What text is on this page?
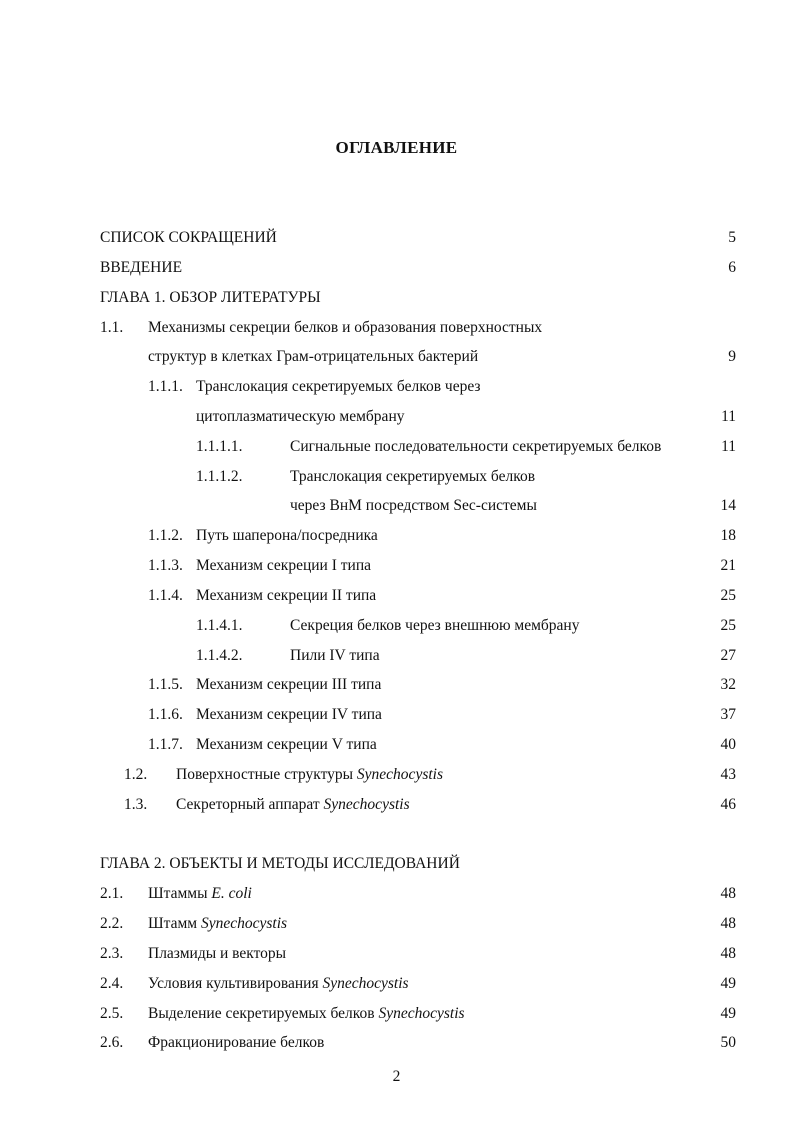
ОГЛАВЛЕНИЕ
СПИСОК СОКРАЩЕНИЙ	5
ВВЕДЕНИЕ	6
ГЛАВА 1. ОБЗОР ЛИТЕРАТУРЫ
1.1. Механизмы секреции белков и образования поверхностных
структур в клетках Грам-отрицательных бактерий	9
1.1.1. Транслокация секретируемых белков через
цитоплазматическую мембрану	11
1.1.1.1.	Сигнальные последовательности секретируемых белков	11
1.1.1.2.	Транслокация секретируемых белков
через ВнМ посредством Sec-системы	14
1.1.2. Путь шаперона/посредника	18
1.1.3. Механизм секреции I типа	21
1.1.4. Механизм секреции II типа	25
1.1.4.1.	Секреция белков через внешнюю мембрану	25
1.1.4.2.	Пили IV типа	27
1.1.5. Механизм секреции III типа	32
1.1.6. Механизм секреции IV типа	37
1.1.7. Механизм секреции V типа	40
1.2. Поверхностные структуры Synechocystis	43
1.3. Секреторный аппарат Synechocystis	46
ГЛАВА 2. ОБЪЕКТЫ И МЕТОДЫ ИССЛЕДОВАНИЙ
2.1. Штаммы E. coli	48
2.2. Штамм Synechocystis	48
2.3. Плазмиды и векторы	48
2.4. Условия культивирования Synechocystis	49
2.5. Выделение секретируемых белков Synechocystis	49
2.6. Фракционирование белков	50
2
